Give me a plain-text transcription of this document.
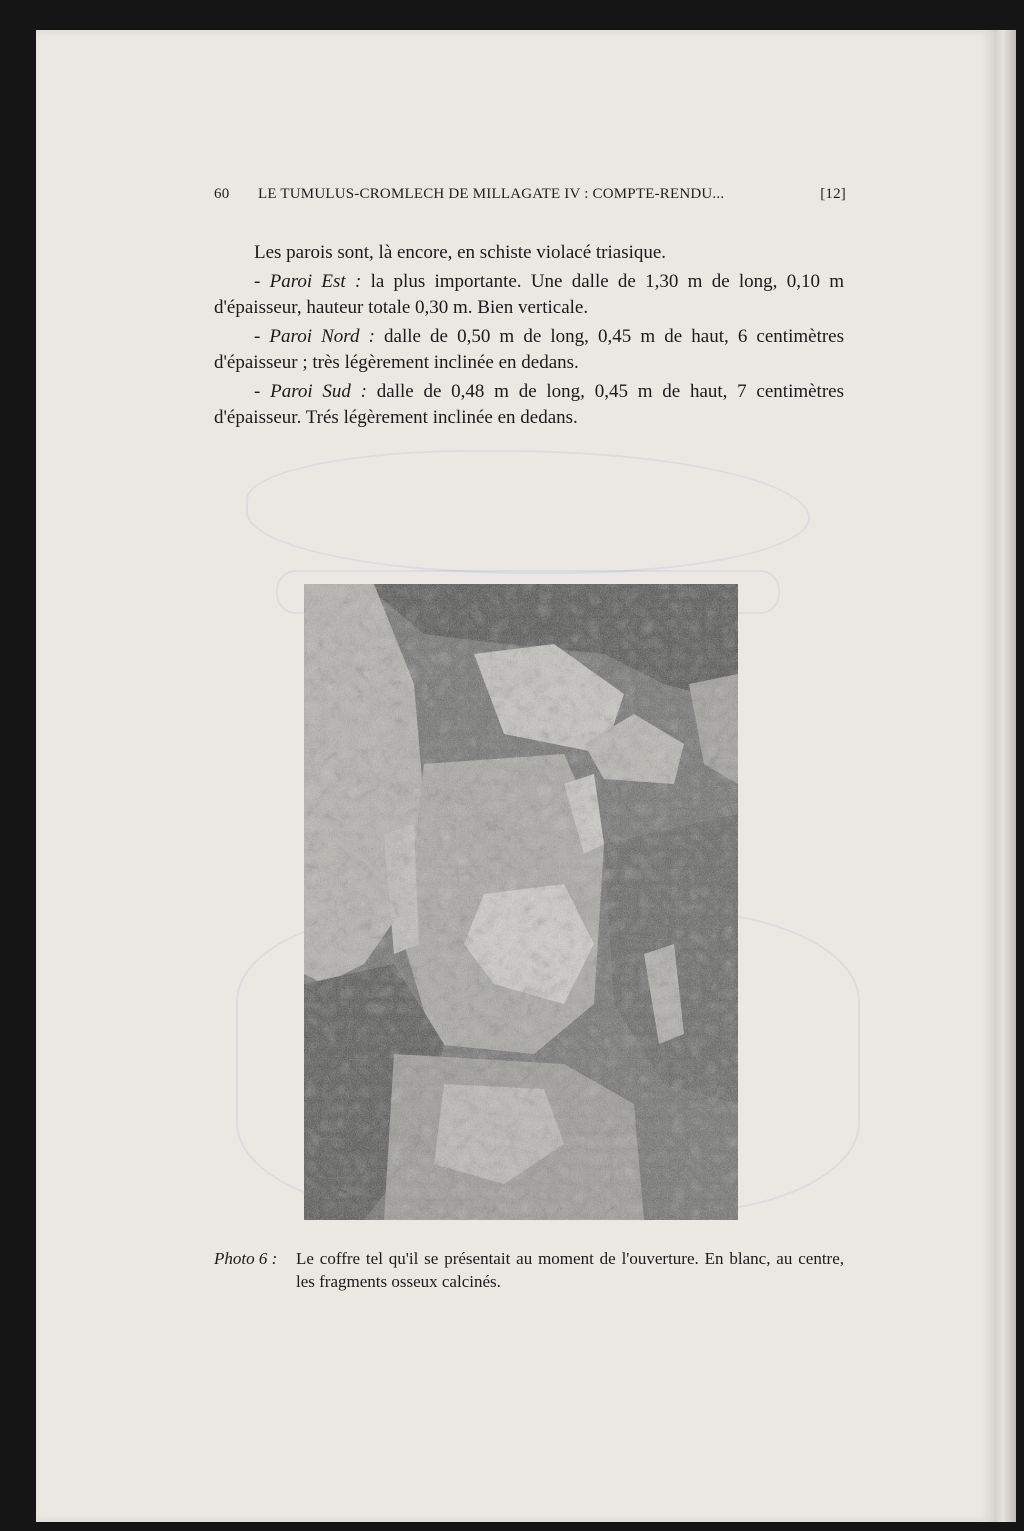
60 LE TUMULUS-CROMLECH DE MILLAGATE IV : COMPTE-RENDU...	[12]

Les parois sont, là encore, en schiste violacé triasique.

- Paroi Est : la plus importante. Une dalle de 1,30 m de long, 0,10 m d'épaisseur, hauteur totale 0,30 m. Bien verticale.

- Paroi Nord : dalle de 0,50 m de long, 0,45 m de haut, 6 centimètres d'épaisseur ; très légèrement inclinée en dedans.

- Paroi Sud : dalle de 0,48 m de long, 0,45 m de haut, 7 centimètres d'épaisseur. Trés légèrement inclinée en dedans.

Photo 6 : Le coffre tel qu'il se présentait au moment de l'ouverture. En blanc, au centre, les fragments osseux calcinés.
